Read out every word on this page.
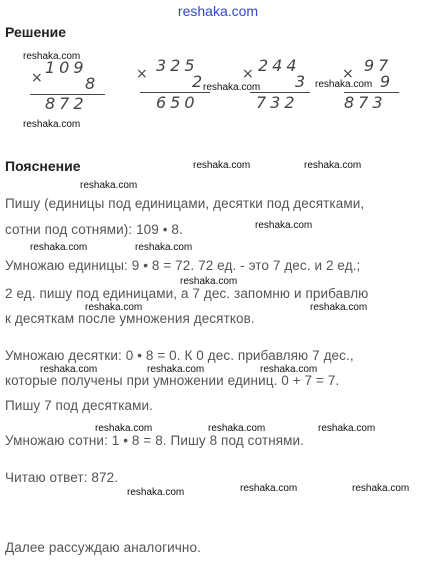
reshaka.com
Решение
×
109
8
872
× 325
2
650
× 244
3
732
× 97
9
873
Пояснение
Пишу (единицы под единицами, десятки под десятками,
сотни под сотнями): 109 • 8.
Умножаю единицы: 9 • 8 = 72. 72 ед. - это 7 дес. и 2 ед.;
2 ед. пишу под единицами, а 7 дес. запомню и прибавлю
к десяткам после умножения десятков.
Умножаю десятки: 0 • 8 = 0. К 0 дес. прибавляю 7 дес.,
которые получены при умножении единиц. 0 + 7 = 7.
Пишу 7 под десятками.
Умножаю сотни: 1 • 8 = 8. Пишу 8 под сотнями.
Читаю ответ: 872.
Далее рассуждаю аналогично.
reshaka.com
reshaka.com
reshaka.com	reshaka.com
reshaka.com	reshaka.com
reshaka.com
reshaka.com
reshaka.com	reshaka.com
reshaka.com
reshaka.com	reshaka.com
reshaka.com	reshaka.com	reshaka.com
reshaka.com	reshaka.com	reshaka.com
reshaka.com	reshaka.com	reshaka.com
